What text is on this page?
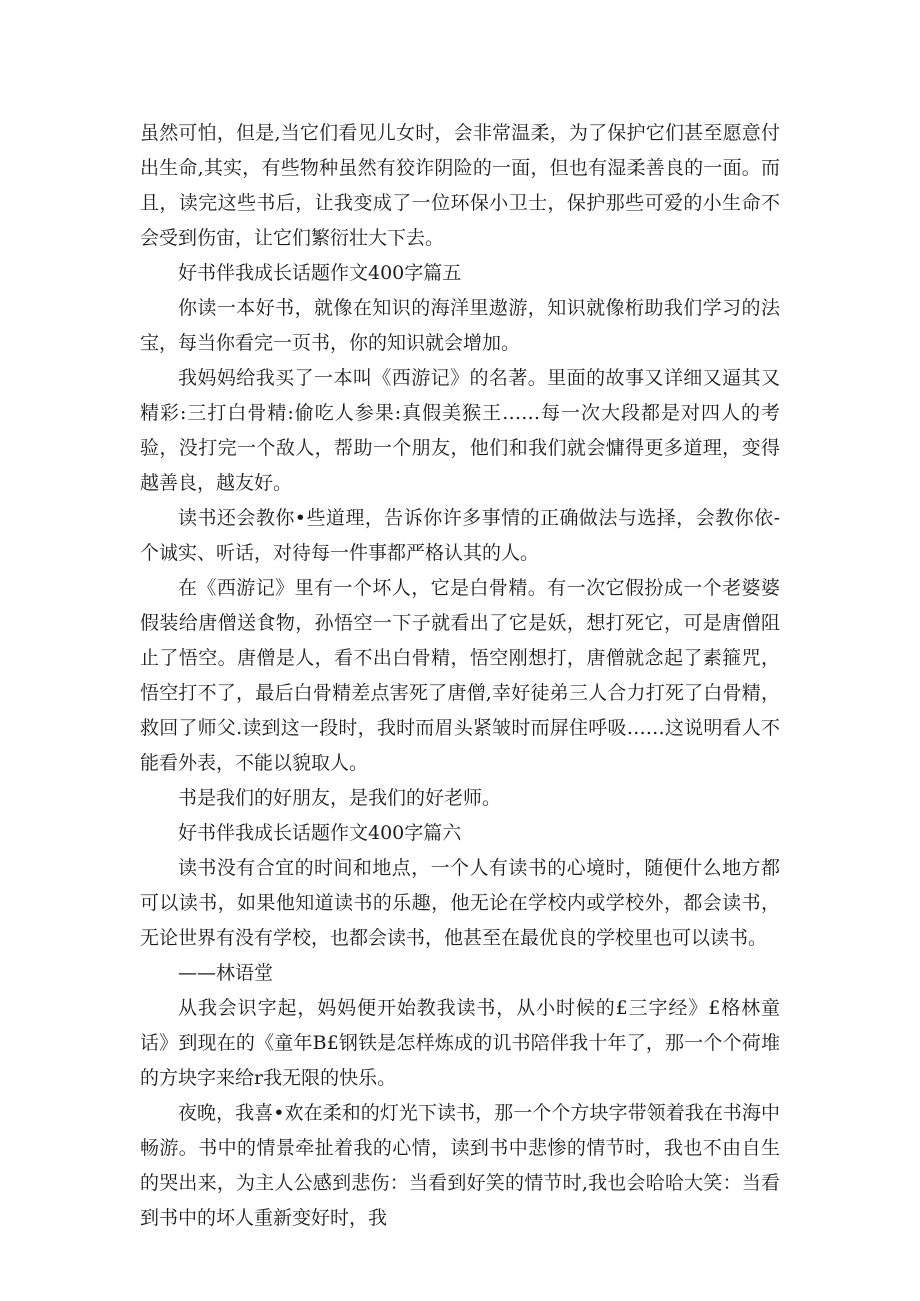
虽然可怕，但是,当它们看见儿女时，会非常温柔，为了保护它们甚至愿意付出生命,其实，有些物种虽然有狡诈阴险的一面，但也有湿柔善良的一面。而且，读完这些书后，让我变成了一位环保小卫士，保护那些可爱的小生命不会受到伤宙，让它们繁衍壮大下去。

好书伴我成长话题作文400字篇五

你读一本好书，就像在知识的海洋里遨游，知识就像桁助我们学习的法宝，每当你看完一页书，你的知识就会增加。

我妈妈给我买了一本叫《西游记》的名著。里面的故事又详细又逼其又精彩:三打白骨精:偷吃人参果:真假美猴王……每一次大段都是对四人的考验，没打完一个敌人，帮助一个朋友，他们和我们就会慵得更多道理，变得越善良，越友好。

读书还会教你•些道理，告诉你许多事情的正确做法与选择，会教你依-个诚实、听话，对待每一件事都严格认其的人。

在《西游记》里有一个坏人，它是白骨精。有一次它假扮成一个老婆婆假装给唐僧送食物，孙悟空一下子就看出了它是妖，想打死它，可是唐僧阻止了悟空。唐僧是人，看不出白骨精，悟空刚想打，唐僧就念起了素箍咒，悟空打不了，最后白骨精差点害死了唐僧,幸好徒弟三人合力打死了白骨精，救回了师父.读到这一段时，我时而眉头紧皱时而屏住呼吸……这说明看人不能看外表，不能以貌取人。

书是我们的好朋友，是我们的好老师。

好书伴我成长话题作文400字篇六

读书没有合宜的时间和地点，一个人有读书的心境时，随便什么地方都可以读书，如果他知道读书的乐趣，他无论在学校内或学校外，都会读书，无论世界有没有学校，也都会读书，他甚至在最优良的学校里也可以读书。

——林语堂

从我会识字起，妈妈便开始教我读书，从小时候的£三字经》£格林童话》到现在的《童年B£钢铁是怎样炼成的讥书陪伴我十年了，那一个个荷堆的方块字来给r我无限的快乐。

夜晚，我喜•欢在柔和的灯光下读书，那一个个方块字带领着我在书海中畅游。书中的情景牵扯着我的心情，读到书中悲惨的情节时，我也不由自生的哭出来，为主人公感到悲伤：当看到好笑的情节时,我也会哈哈大笑：当看到书中的坏人重新变好时，我
